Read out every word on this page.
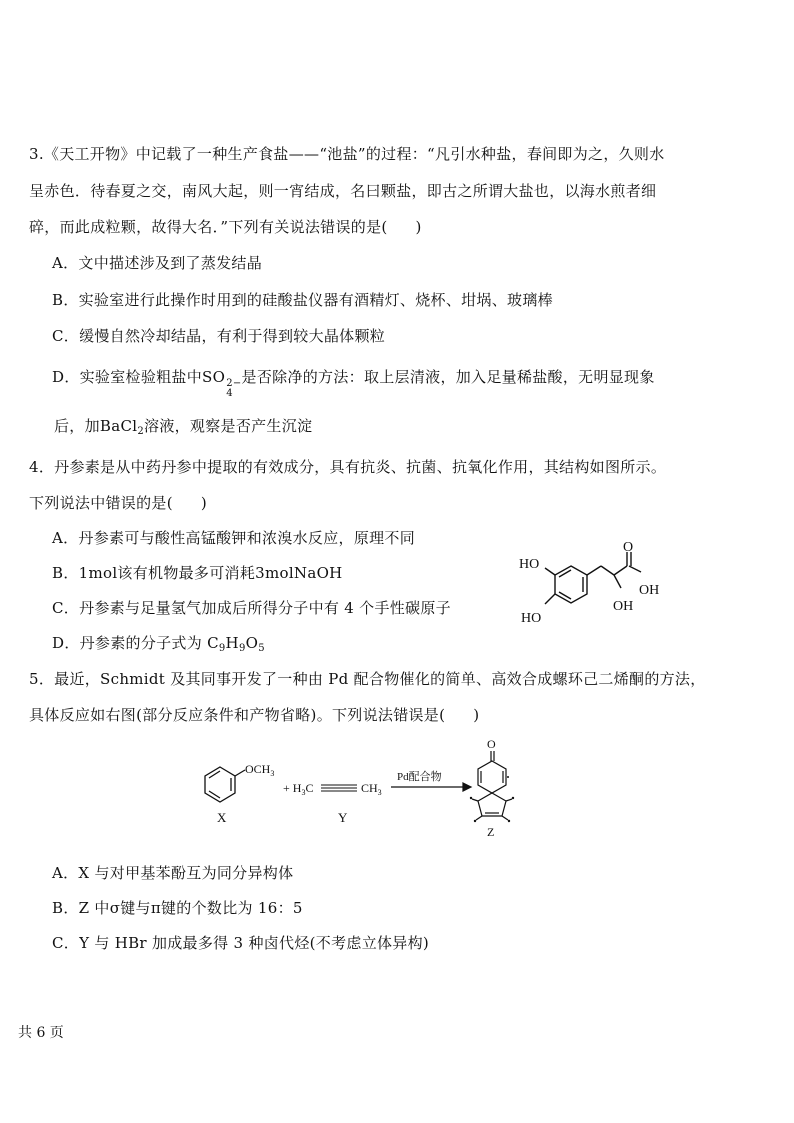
3.《天工开物》中记载了一种生产食盐——“池盐”的过程：“凡引水种盐，春间即为之，久则水
呈赤色．待春夏之交，南风大起，则一宵结成，名曰颗盐，即古之所谓大盐也，以海水煎者细
碎，而此成粒颗，故得大名．”下列有关说法错误的是( )
A．文中描述涉及到了蒸发结晶
B．实验室进行此操作时用到的硅酸盐仪器有酒精灯、烧杯、坩埚、玻璃棒
C．缓慢自然冷却结晶，有利于得到较大晶体颗粒
D．实验室检验粗盐中SO 2−
4
是否除净的方法：取上层清液，加入足量稀盐酸，无明显现象
后，加BaCl$_2$溶液，观察是否产生沉淀
4．丹参素是从中药丹参中提取的有效成分，具有抗炎、抗菌、抗氧化作用，其结构如图所示。
下列说法中错误的是( )
A．丹参素可与酸性高锰酸钾和浓溴水反应，原理不同
B．1mol该有机物最多可消耗3molNaOH
C．丹参素与足量氢气加成后所得分子中有 4 个手性碳原子
D．丹参素的分子式为 $C_9H_9O_5$
HO
HO
O
OH
OH
5．最近，Schmidt 及其同事开发了一种由 Pd 配合物催化的简单、高效合成螺环己二烯酮的方法，
具体反应如右图(部分反应条件和产物省略)。下列说法错误是( )
$OCH_3$
X
+ $H_3C$	$CH_3$
Y
Pd配合物
O
Z
A．X 与对甲基苯酚互为同分异构体
B．Z 中σ键与π键的个数比为 16：5
C．Y 与 HBr 加成最多得 3 种卤代烃(不考虑立体异构)
共 6 页
